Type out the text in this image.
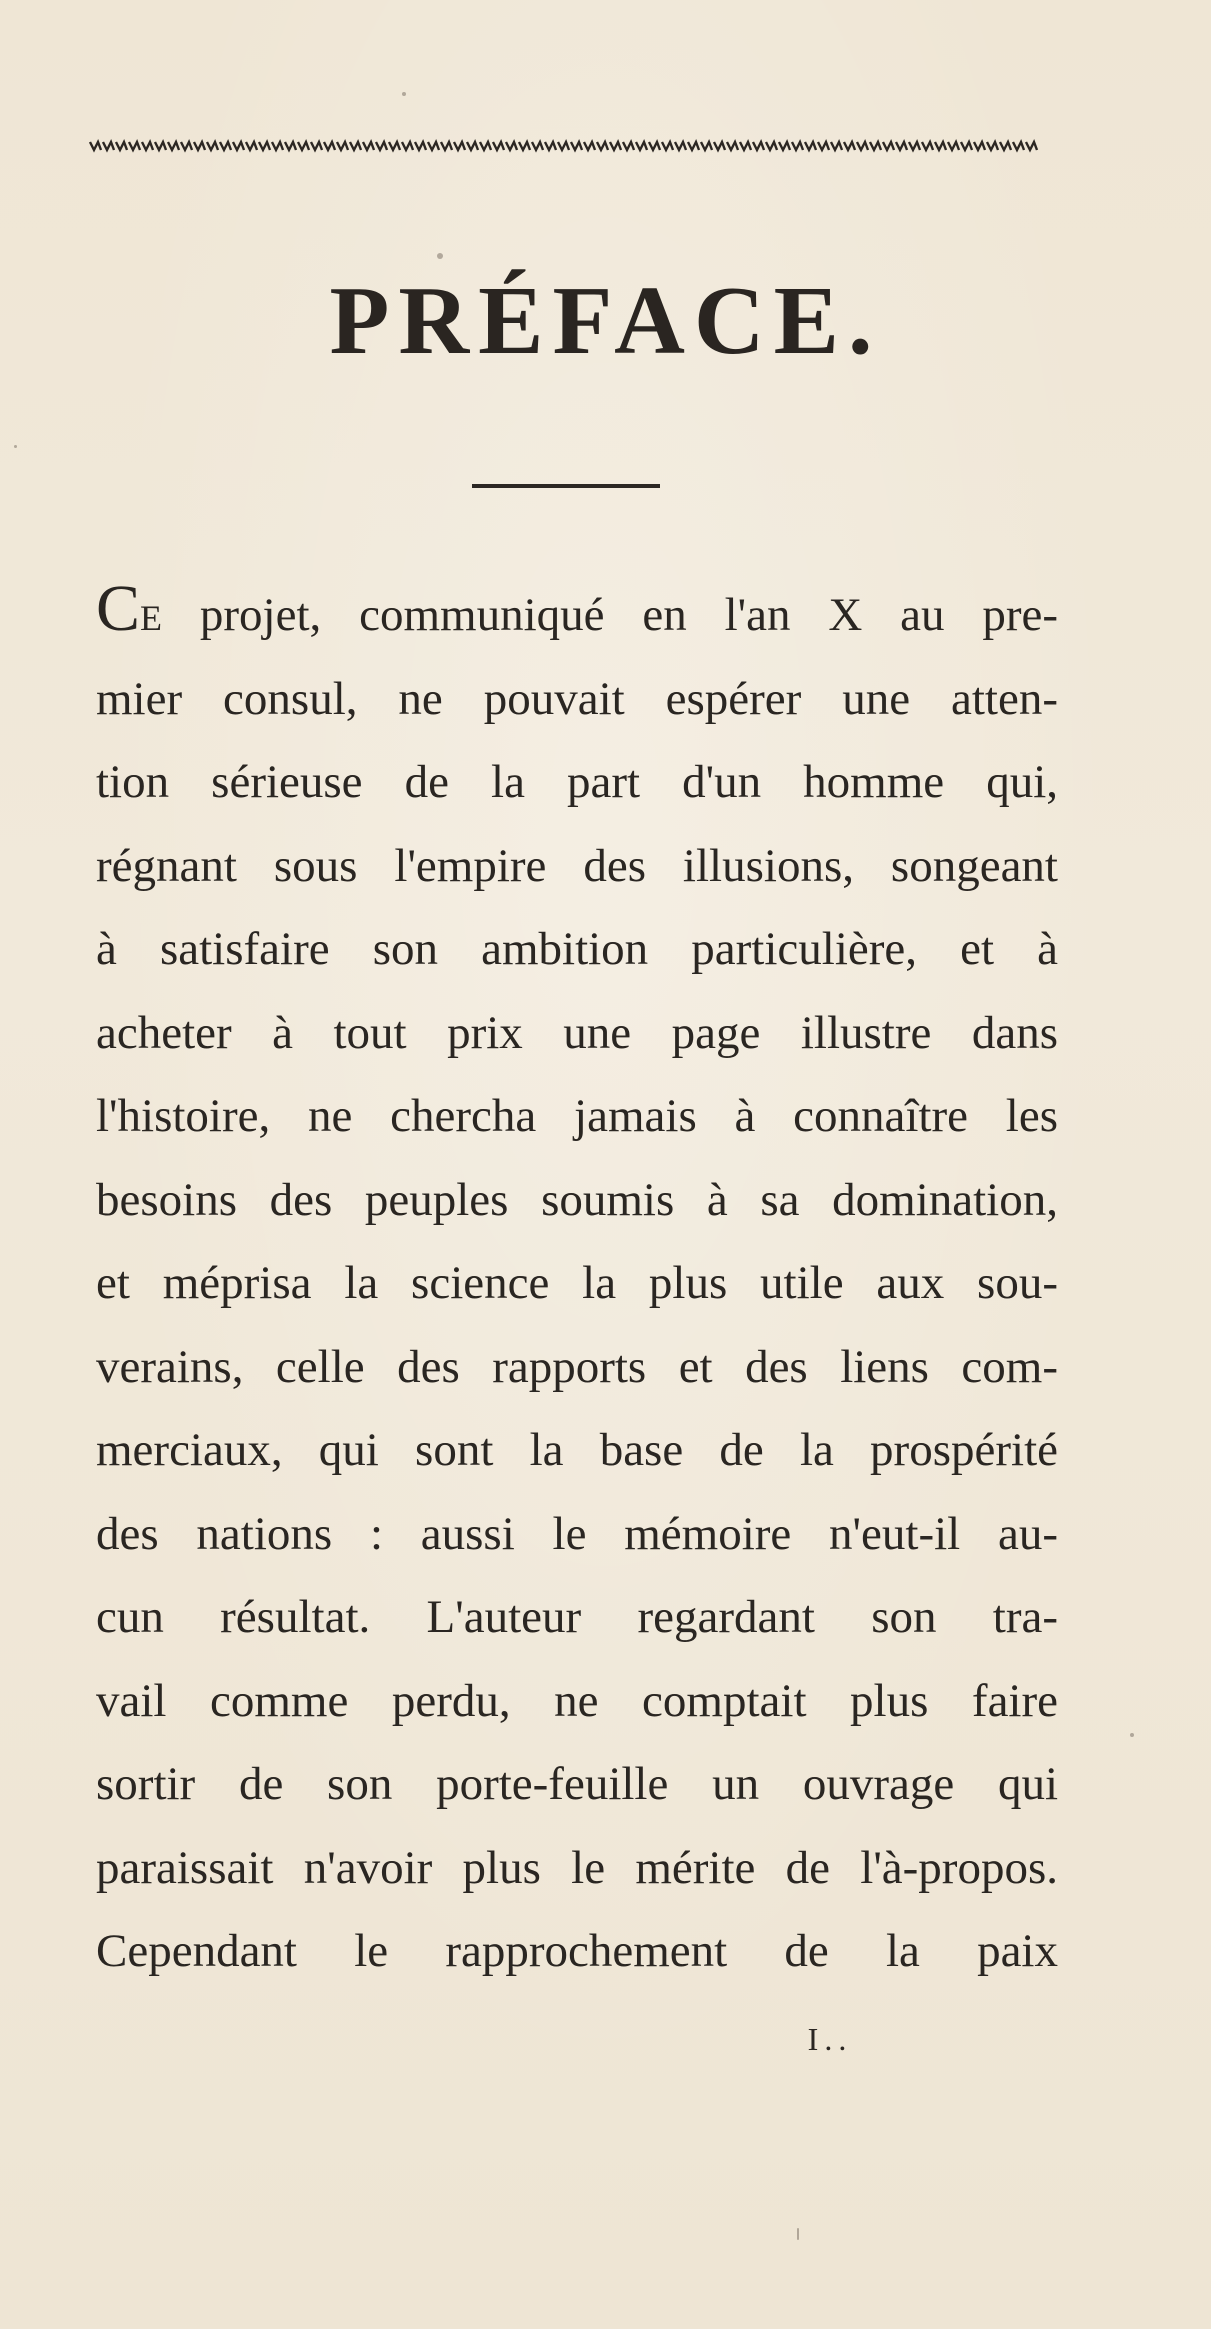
PRÉFACE.
CE projet, communiqué en l'an X au pre-
mier consul, ne pouvait espérer une atten-
tion sérieuse de la part d'un homme qui,
régnant sous l'empire des illusions, songeant
à satisfaire son ambition particulière, et à
acheter à tout prix une page illustre dans
l'histoire, ne chercha jamais à connaître les
besoins des peuples soumis à sa domination,
et méprisa la science la plus utile aux sou-
verains, celle des rapports et des liens com-
merciaux, qui sont la base de la prospérité
des nations : aussi le mémoire n'eut-il au-
cun résultat. L'auteur regardant son tra-
vail comme perdu, ne comptait plus faire
sortir de son porte-feuille un ouvrage qui
paraissait n'avoir plus le mérite de l'à-propos.
Cependant le rapprochement de la paix
I..
